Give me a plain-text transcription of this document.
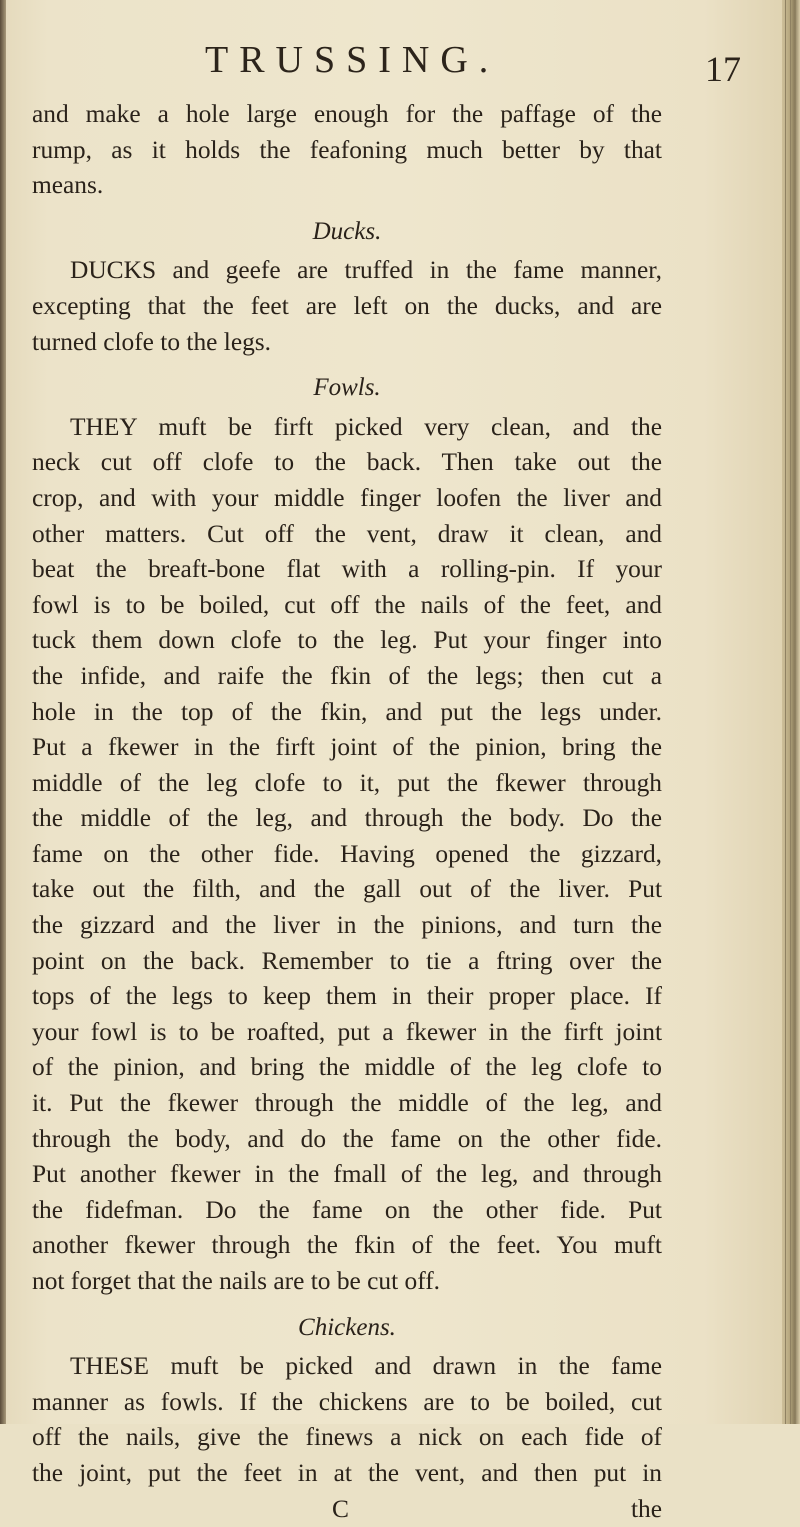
TRUSSING.	17
and make a hole large enough for the paffage of the
rump, as it holds the feafoning much better by that
means.
Ducks.
DUCKS and geefe are truffed in the fame manner,
excepting that the feet are left on the ducks, and are
turned clofe to the legs.
Fowls.
THEY muft be firft picked very clean, and the
neck cut off clofe to the back. Then take out the
crop, and with your middle finger loofen the liver and
other matters. Cut off the vent, draw it clean, and
beat the breaft-bone flat with a rolling-pin. If your
fowl is to be boiled, cut off the nails of the feet, and
tuck them down clofe to the leg. Put your finger into
the infide, and raife the fkin of the legs; then cut a
hole in the top of the fkin, and put the legs under.
Put a fkewer in the firft joint of the pinion, bring the
middle of the leg clofe to it, put the fkewer through
the middle of the leg, and through the body. Do the
fame on the other fide. Having opened the gizzard,
take out the filth, and the gall out of the liver. Put
the gizzard and the liver in the pinions, and turn the
point on the back. Remember to tie a ftring over the
tops of the legs to keep them in their proper place. If
your fowl is to be roafted, put a fkewer in the firft joint
of the pinion, and bring the middle of the leg clofe to
it. Put the fkewer through the middle of the leg, and
through the body, and do the fame on the other fide.
Put another fkewer in the fmall of the leg, and through
the fidefman. Do the fame on the other fide. Put
another fkewer through the fkin of the feet. You muft
not forget that the nails are to be cut off.
Chickens.
THESE muft be picked and drawn in the fame
manner as fowls. If the chickens are to be boiled, cut
off the nails, give the finews a nick on each fide of
the joint, put the feet in at the vent, and then put in
C	the
